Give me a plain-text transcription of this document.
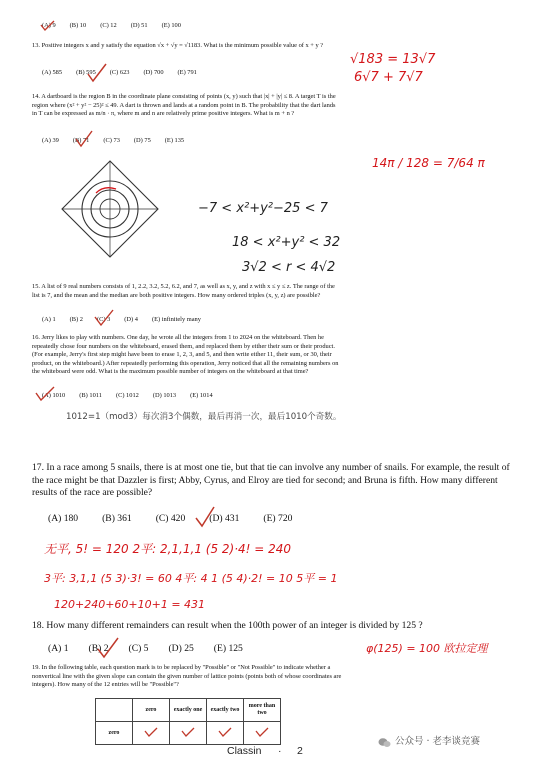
(A) 9 (B) 10 (C) 12 (D) 51 (E) 100
13. Positive integers x and y satisfy the equation √x + √y = √1183. What is the minimum possible value of x + y ?
(A) 585 (B) 595 (C) 623 (D) 700 (E) 791
√183 = 13√7
6√7 + 7√7
14. A dartboard is the region B in the coordinate plane consisting of points (x, y) such that |x| + |y| ≤ 8. A target T is the region where (x² + y² − 25)² ≤ 49. A dart is thrown and lands at a random point in B. The probability that the dart lands in T can be expressed as m/n · π, where m and n are relatively prime positive integers. What is m + n ?
(A) 39 (B) 71 (C) 73 (D) 75 (E) 135
14π / 128 = 7/64 π
−7 < x²+y²−25 < 7
18 < x²+y² < 32
3√2 < r < 4√2
15. A list of 9 real numbers consists of 1, 2.2, 3.2, 5.2, 6.2, and 7, as well as x, y, and z with x ≤ y ≤ z. The range of the list is 7, and the mean and the median are both positive integers. How many ordered triples (x, y, z) are possible?
(A) 1 (B) 2 (C) 3 (D) 4 (E) infinitely many
16. Jerry likes to play with numbers. One day, he wrote all the integers from 1 to 2024 on the whiteboard. Then he repeatedly chose four numbers on the whiteboard, erased them, and replaced them by either their sum or their product. (For example, Jerry's first step might have been to erase 1, 2, 3, and 5, and then write either 11, their sum, or 30, their product, on the whiteboard.) After repeatedly performing this operation, Jerry noticed that all the remaining numbers on the whiteboard were odd. What is the maximum possible number of integers on the whiteboard at that time?
(A) 1010 (B) 1011 (C) 1012 (D) 1013 (E) 1014
1012=1（mod3）每次消3个偶数，最后再消一次，最后1010个奇数。
17. In a race among 5 snails, there is at most one tie, but that tie can involve any number of snails. For example, the result of the race might be that Dazzler is first; Abby, Cyrus, and Elroy are tied for second; and Bruna is fifth. How many different results of the race are possible?
(A) 180	(B) 361	(C) 420	(D) 431	(E) 720
无平, 5! = 120 2平: 2,1,1,1 (5 2)·4! = 240
3平: 3,1,1 (5 3)·3! = 60 4平: 4 1 (5 4)·2! = 10 5平 = 1
120+240+60+10+1 = 431
18. How many different remainders can result when the 100th power of an integer is divided by 125 ?
(A) 1 (B) 2 (C) 5 (D) 25 (E) 125	φ(125) = 100 欧拉定理
19. In the following table, each question mark is to be replaced by "Possible" or "Not Possible" to indicate whether a nonvertical line with the given slope can contain the given number of lattice points (points both of whose coordinates are integers). How many of the 12 entries will be "Possible"?
	zero	exactly one	exactly two	more than two
zero				
Classin · 2
公众号 · 老李谈竞赛
